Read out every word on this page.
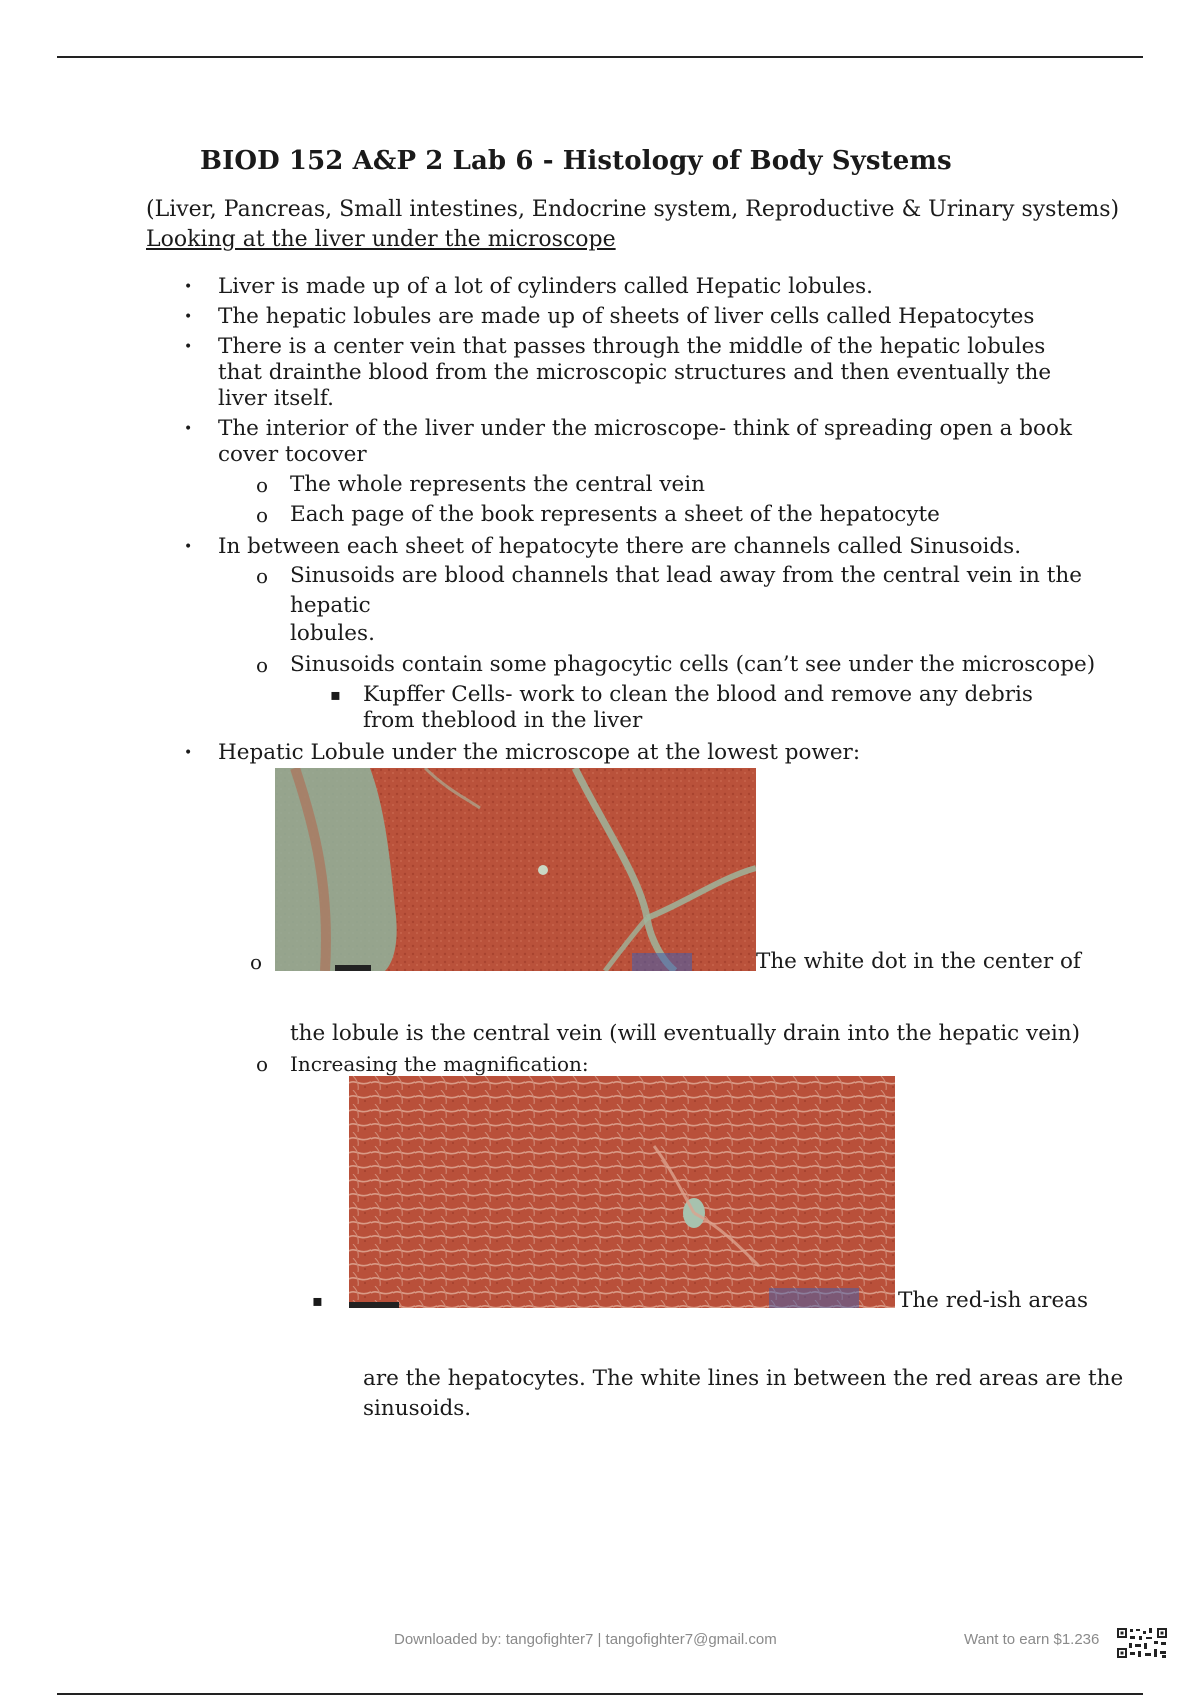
BIOD 152 A&P 2 Lab 6 - Histology of Body Systems
(Liver, Pancreas, Small intestines, Endocrine system, Reproductive & Urinary systems)
Looking at the liver under the microscope
• Liver is made up of a lot of cylinders called Hepatic lobules.
• The hepatic lobules are made up of sheets of liver cells called Hepatocytes
• There is a center vein that passes through the middle of the hepatic lobules
that drainthe blood from the microscopic structures and then eventually the
liver itself.
• The interior of the liver under the microscope- think of spreading open a book
cover tocover
o The whole represents the central vein
o Each page of the book represents a sheet of the hepatocyte
• In between each sheet of hepatocyte there are channels called Sinusoids.
o Sinusoids are blood channels that lead away from the central vein in the
hepatic
lobules.
o Sinusoids contain some phagocytic cells (can’t see under the microscope)
▪ Kupffer Cells- work to clean the blood and remove any debris
from theblood in the liver
• Hepatic Lobule under the microscope at the lowest power:
o	The white dot in the center of
the lobule is the central vein (will eventually drain into the hepatic vein)
o Increasing the magnification:
▪	The red-ish areas
are the hepatocytes. The white lines in between the red areas are the
sinusoids.
Downloaded by: tangofighter7 | tangofighter7@gmail.com	Want to earn $1.236
